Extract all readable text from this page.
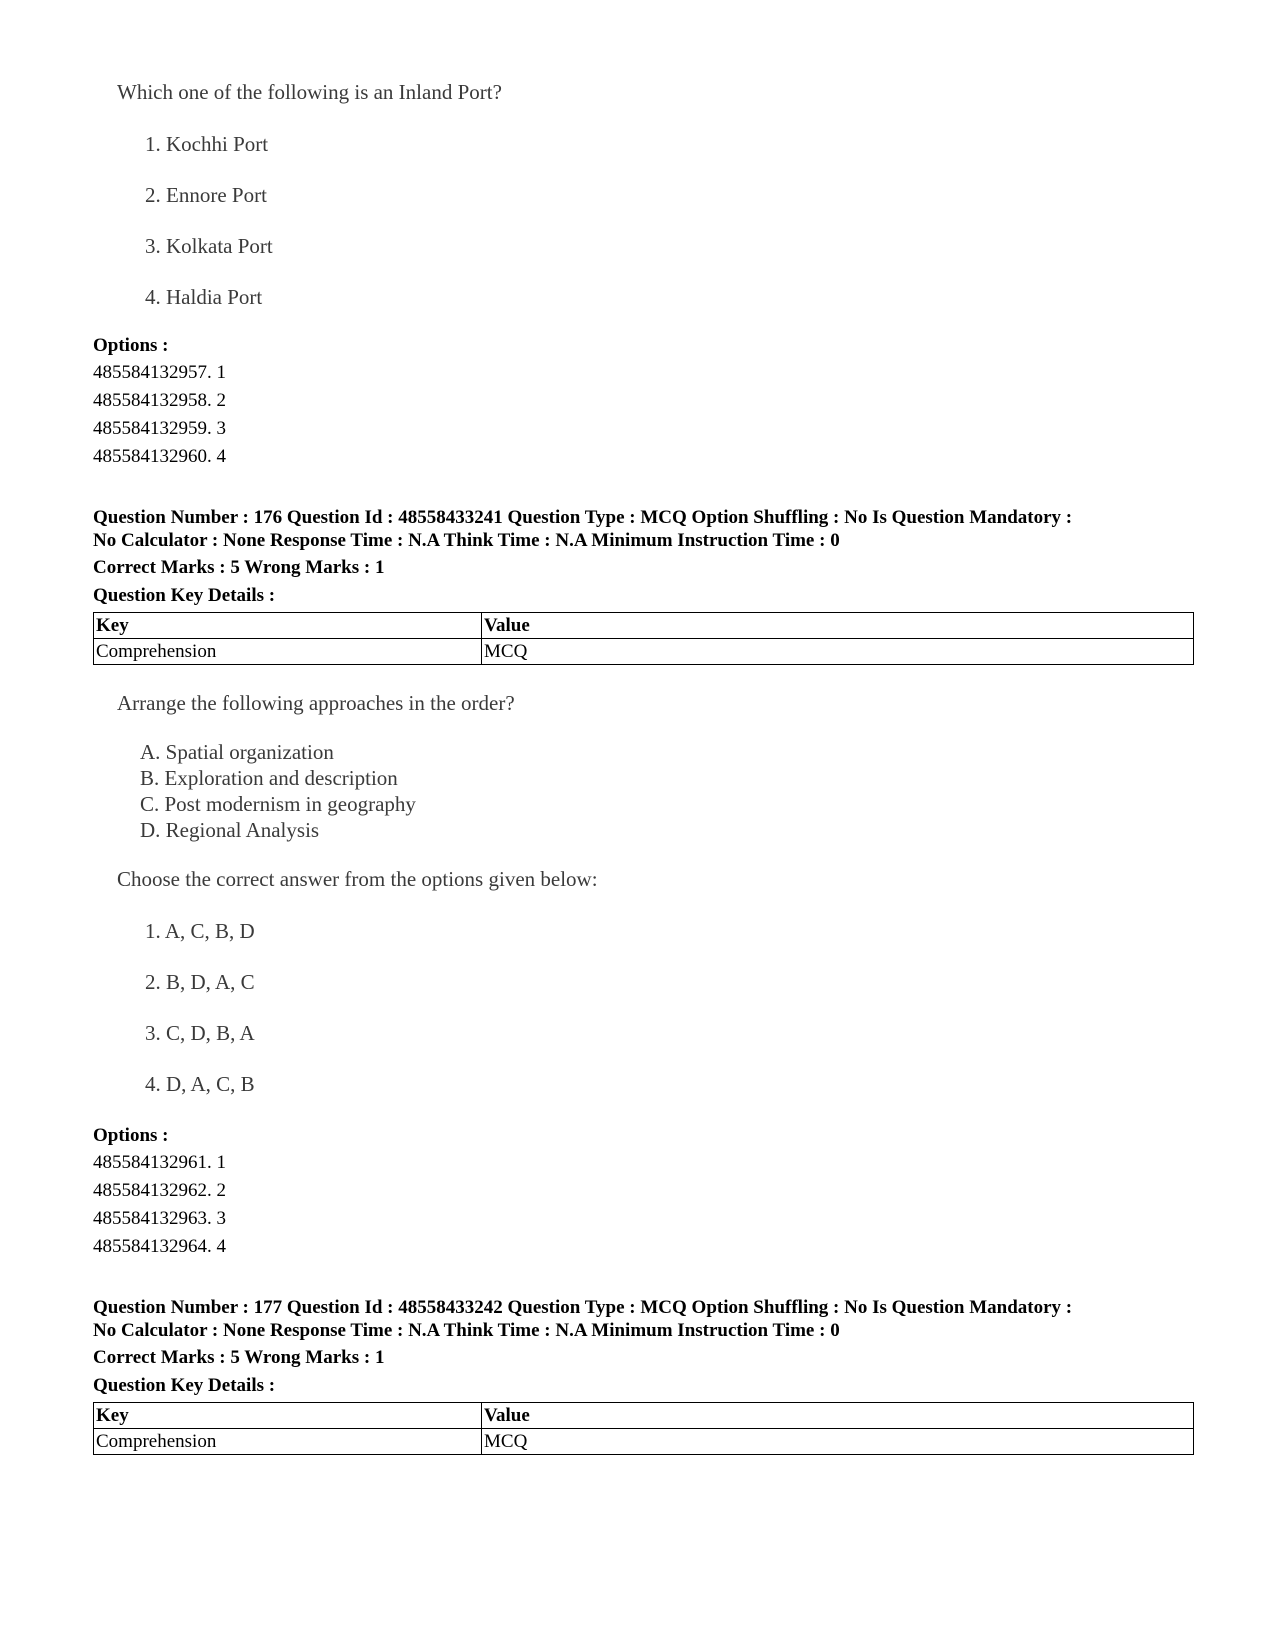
Which one of the following is an Inland Port?
1. Kochhi Port
2. Ennore Port
3. Kolkata Port
4. Haldia Port
Options :
485584132957. 1
485584132958. 2
485584132959. 3
485584132960. 4
Question Number : 176 Question Id : 48558433241 Question Type : MCQ Option Shuffling : No Is Question Mandatory :
No Calculator : None Response Time : N.A Think Time : N.A Minimum Instruction Time : 0
Correct Marks : 5 Wrong Marks : 1
Question Key Details :
Key	Value
Comprehension	MCQ
Arrange the following approaches in the order?
A. Spatial organization
B. Exploration and description
C. Post modernism in geography
D. Regional Analysis
Choose the correct answer from the options given below:
1. A, C, B, D
2. B, D, A, C
3. C, D, B, A
4. D, A, C, B
Options :
485584132961. 1
485584132962. 2
485584132963. 3
485584132964. 4
Question Number : 177 Question Id : 48558433242 Question Type : MCQ Option Shuffling : No Is Question Mandatory :
No Calculator : None Response Time : N.A Think Time : N.A Minimum Instruction Time : 0
Correct Marks : 5 Wrong Marks : 1
Question Key Details :
Key	Value
Comprehension	MCQ
